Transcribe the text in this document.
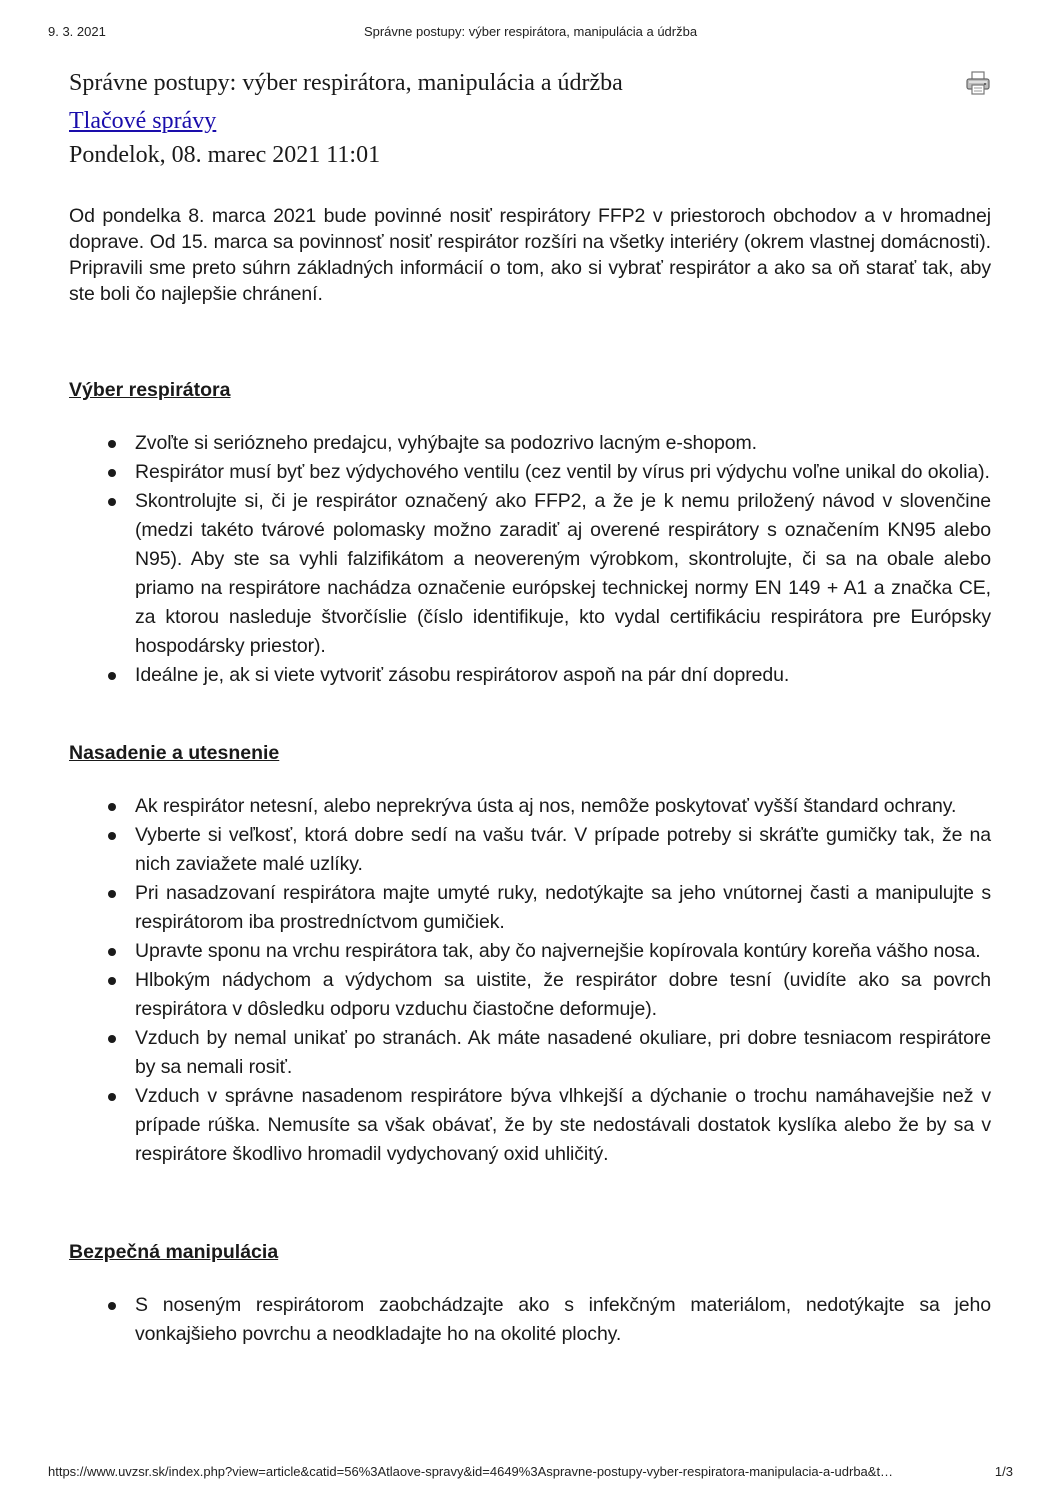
9. 3. 2021	Správne postupy: výber respirátora, manipulácia a údržba
Správne postupy: výber respirátora, manipulácia a údržba
Tlačové správy
Pondelok, 08. marec 2021 11:01

Od pondelka 8. marca 2021 bude povinné nosiť respirátory FFP2 v priestoroch obchodov a v hromadnej doprave. Od 15. marca sa povinnosť nosiť respirátor rozšíri na všetky interiéry (okrem vlastnej domácnosti). Pripravili sme preto súhrn základných informácií o tom, ako si vybrať respirátor a ako sa oň starať tak, aby ste boli čo najlepšie chránení.

Výber respirátora
Zvoľte si seriózneho predajcu, vyhýbajte sa podozrivo lacným e-shopom.
Respirátor musí byť bez výdychového ventilu (cez ventil by vírus pri výdychu voľne unikal do okolia).
Skontrolujte si, či je respirátor označený ako FFP2, a že je k nemu priložený návod v slovenčine (medzi takéto tvárové polomasky možno zaradiť aj overené respirátory s označením KN95 alebo N95). Aby ste sa vyhli falzifikátom a neovereným výrobkom, skontrolujte, či sa na obale alebo priamo na respirátore nachádza označenie európskej technickej normy EN 149 + A1 a značka CE, za ktorou nasleduje štvorčíslie (číslo identifikuje, kto vydal certifikáciu respirátora pre Európsky hospodársky priestor).
Ideálne je, ak si viete vytvoriť zásobu respirátorov aspoň na pár dní dopredu.
Nasadenie a utesnenie
Ak respirátor netesní, alebo neprekrýva ústa aj nos, nemôže poskytovať vyšší štandard ochrany.
Vyberte si veľkosť, ktorá dobre sedí na vašu tvár. V prípade potreby si skráťte gumičky tak, že na nich zaviažete malé uzlíky.
Pri nasadzovaní respirátora majte umyté ruky, nedotýkajte sa jeho vnútornej časti a manipulujte s respirátorom iba prostredníctvom gumičiek.
Upravte sponu na vrchu respirátora tak, aby čo najvernejšie kopírovala kontúry koreňa vášho nosa.
Hlbokým nádychom a výdychom sa uistite, že respirátor dobre tesní (uvidíte ako sa povrch respirátora v dôsledku odporu vzduchu čiastočne deformuje).
Vzduch by nemal unikať po stranách. Ak máte nasadené okuliare, pri dobre tesniacom respirátore by sa nemali rosiť.
Vzduch v správne nasadenom respirátore býva vlhkejší a dýchanie o trochu namáhavejšie než v prípade rúška. Nemusíte sa však obávať, že by ste nedostávali dostatok kyslíka alebo že by sa v respirátore škodlivo hromadil vydychovaný oxid uhličitý.
Bezpečná manipulácia
S noseným respirátorom zaobchádzajte ako s infekčným materiálom, nedotýkajte sa jeho vonkajšieho povrchu a neodkladajte ho na okolité plochy.
https://www.uvzsr.sk/index.php?view=article&catid=56%3Atlaove-spravy&id=4649%3Aspravne-postupy-vyber-respiratora-manipulacia-a-udrba&t…	1/3
